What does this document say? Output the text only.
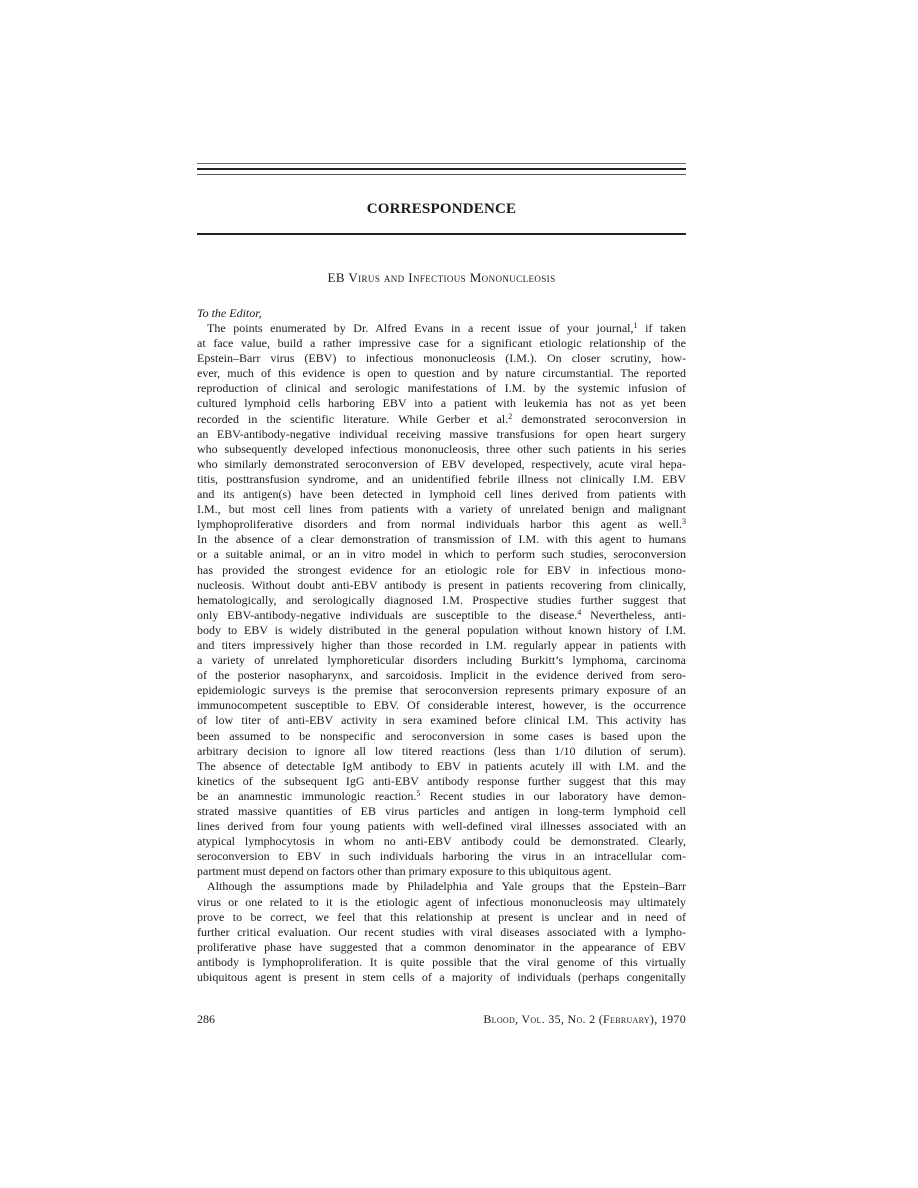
CORRESPONDENCE
EB Virus and Infectious Mononucleosis
To the Editor,

The points enumerated by Dr. Alfred Evans in a recent issue of your journal,$^1$ if taken
at face value, build a rather impressive case for a significant etiologic relationship of the
Epstein–Barr virus (EBV) to infectious mononucleosis (I.M.). On closer scrutiny, how-
ever, much of this evidence is open to question and by nature circumstantial. The reported
reproduction of clinical and serologic manifestations of I.M. by the systemic infusion of
cultured lymphoid cells harboring EBV into a patient with leukemia has not as yet been
recorded in the scientific literature. While Gerber et al.$^2$ demonstrated seroconversion in
an EBV-antibody-negative individual receiving massive transfusions for open heart surgery
who subsequently developed infectious mononucleosis, three other such patients in his series
who similarly demonstrated seroconversion of EBV developed, respectively, acute viral hepa-
titis, posttransfusion syndrome, and an unidentified febrile illness not clinically I.M. EBV
and its antigen(s) have been detected in lymphoid cell lines derived from patients with
I.M., but most cell lines from patients with a variety of unrelated benign and malignant
lymphoproliferative disorders and from normal individuals harbor this agent as well.$^3$
In the absence of a clear demonstration of transmission of I.M. with this agent to humans
or a suitable animal, or an in vitro model in which to perform such studies, seroconversion
has provided the strongest evidence for an etiologic role for EBV in infectious mono-
nucleosis. Without doubt anti-EBV antibody is present in patients recovering from clinically,
hematologically, and serologically diagnosed I.M. Prospective studies further suggest that
only EBV-antibody-negative individuals are susceptible to the disease.$^4$ Nevertheless, anti-
body to EBV is widely distributed in the general population without known history of I.M.
and titers impressively higher than those recorded in I.M. regularly appear in patients with
a variety of unrelated lymphoreticular disorders including Burkitt’s lymphoma, carcinoma
of the posterior nasopharynx, and sarcoidosis. Implicit in the evidence derived from sero-
epidemiologic surveys is the premise that seroconversion represents primary exposure of an
immunocompetent susceptible to EBV. Of considerable interest, however, is the occurrence
of low titer of anti-EBV activity in sera examined before clinical I.M. This activity has
been assumed to be nonspecific and seroconversion in some cases is based upon the
arbitrary decision to ignore all low titered reactions (less than 1/10 dilution of serum).
The absence of detectable IgM antibody to EBV in patients acutely ill with I.M. and the
kinetics of the subsequent IgG anti-EBV antibody response further suggest that this may
be an anamnestic immunologic reaction.$^5$ Recent studies in our laboratory have demon-
strated massive quantities of EB virus particles and antigen in long-term lymphoid cell
lines derived from four young patients with well-defined viral illnesses associated with an
atypical lymphocytosis in whom no anti-EBV antibody could be demonstrated. Clearly,
seroconversion to EBV in such individuals harboring the virus in an intracellular com-
partment must depend on factors other than primary exposure to this ubiquitous agent.

Although the assumptions made by Philadelphia and Yale groups that the Epstein–Barr
virus or one related to it is the etiologic agent of infectious mononucleosis may ultimately
prove to be correct, we feel that this relationship at present is unclear and in need of
further critical evaluation. Our recent studies with viral diseases associated with a lympho-
proliferative phase have suggested that a common denominator in the appearance of EBV
antibody is lymphoproliferation. It is quite possible that the viral genome of this virtually
ubiquitous agent is present in stem cells of a majority of individuals (perhaps congenitally

286	Blood, Vol. 35, No. 2 (February), 1970
